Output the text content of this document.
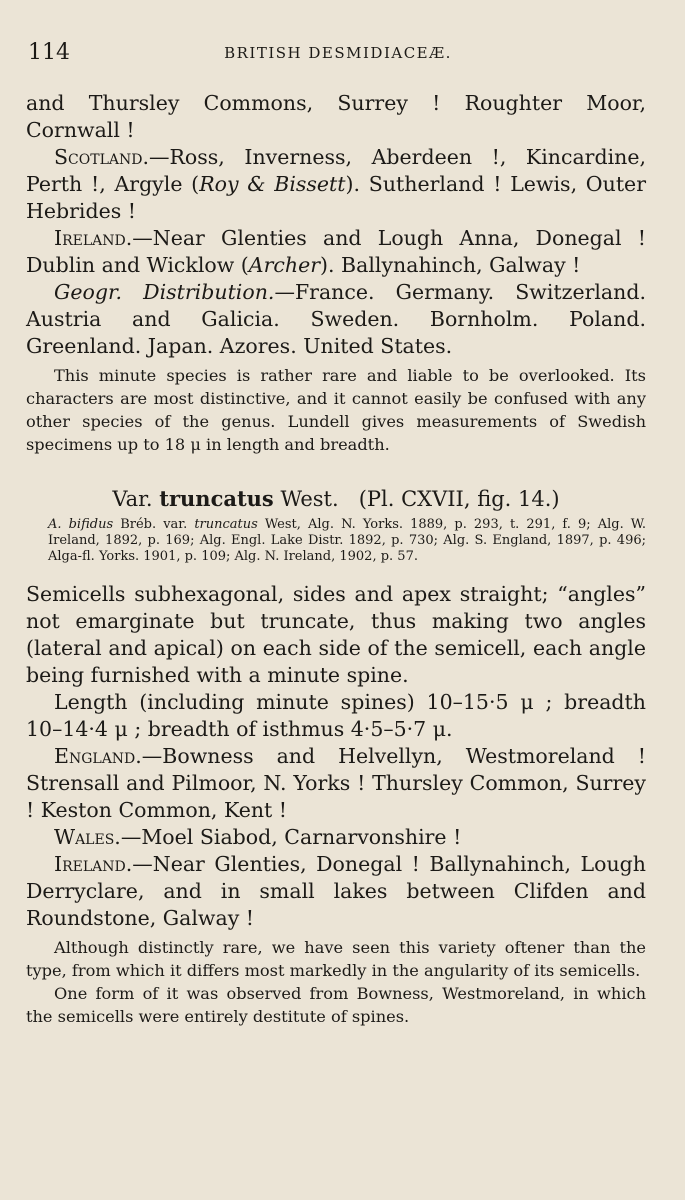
114	BRITISH DESMIDIACEÆ.

and Thursley Commons, Surrey ! Roughter Moor,

Cornwall !

Scotland.—Ross, Inverness, Aberdeen !, Kincardine, Perth !, Argyle (Roy & Bissett). Sutherland ! Lewis, Outer Hebrides !

Ireland.—Near Glenties and Lough Anna, Donegal ! Dublin and Wicklow (Archer). Ballynahinch, Galway !

Geogr. Distribution.—France. Germany. Switzerland. Austria and Galicia. Sweden. Bornholm. Poland. Greenland. Japan. Azores. United States.

This minute species is rather rare and liable to be overlooked. Its characters are most distinctive, and it cannot easily be confused with any other species of the genus. Lundell gives measurements of Swedish specimens up to 18 μ in length and breadth.

Var. truncatus West. (Pl. CXVII, fig. 14.)

A. bifidus Bréb. var. truncatus West, Alg. N. Yorks. 1889, p. 293, t. 291, f. 9; Alg. W. Ireland, 1892, p. 169; Alg. Engl. Lake Distr. 1892, p. 730; Alg. S. England, 1897, p. 496; Alga-fl. Yorks. 1901, p. 109; Alg. N. Ireland, 1902, p. 57.

Semicells subhexagonal, sides and apex straight; “angles” not emarginate but truncate, thus making two angles (lateral and apical) on each side of the semicell, each angle being furnished with a minute spine.

Length (including minute spines) 10–15·5 μ ; breadth 10–14·4 μ ; breadth of isthmus 4·5–5·7 μ.

England.—Bowness and Helvellyn, Westmoreland ! Strensall and Pilmoor, N. Yorks ! Thursley Common, Surrey ! Keston Common, Kent !

Wales.—Moel Siabod, Carnarvonshire !

Ireland.—Near Glenties, Donegal ! Ballynahinch, Lough Derryclare, and in small lakes between Clifden and Roundstone, Galway !

Although distinctly rare, we have seen this variety oftener than the type, from which it differs most markedly in the angularity of its semicells.

One form of it was observed from Bowness, Westmoreland, in which the semicells were entirely destitute of spines.
